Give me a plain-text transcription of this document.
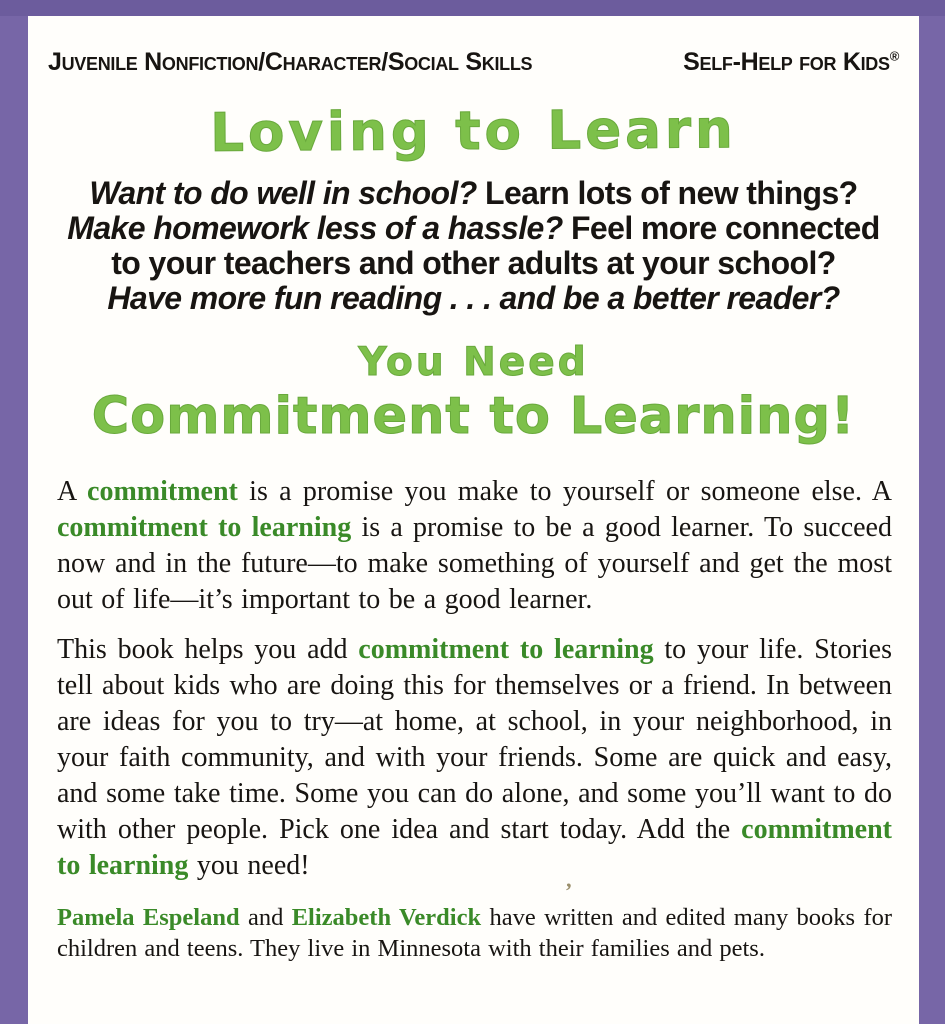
Juvenile Nonfiction/Character/Social Skills	Self-Help for Kids®
Loving to Learn
Want to do well in school? Learn lots of new things?
Make homework less of a hassle? Feel more connected
to your teachers and other adults at your school?
Have more fun reading . . . and be a better reader?
You Need
Commitment to Learning!

A commitment is a promise you make to yourself or someone else. A commitment to learning is a promise to be a good learner. To succeed now and in the future—to make something of yourself and get the most out of life—it’s important to be a good learner.

This book helps you add commitment to learning to your life. Stories tell about kids who are doing this for themselves or a friend. In between are ideas for you to try—at home, at school, in your neighborhood, in your faith community, and with your friends. Some are quick and easy, and some take time. Some you can do alone, and some you’ll want to do with other people. Pick one idea and start today. Add the commitment to learning you need!

Pamela Espeland and Elizabeth Verdick have written and edited many books for children and teens. They live in Minnesota with their families and pets.
’
